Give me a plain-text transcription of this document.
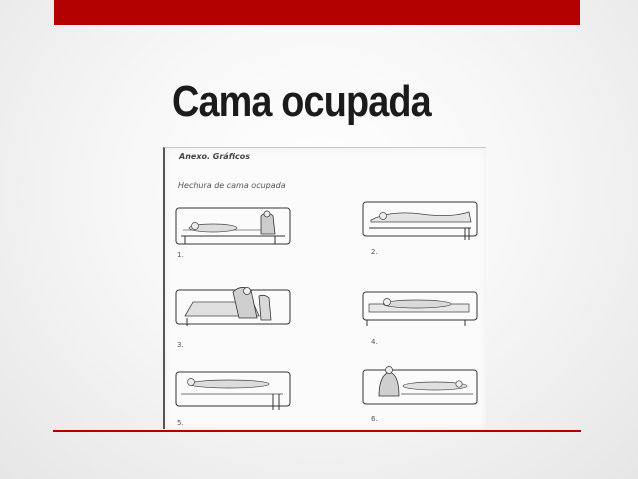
Cama ocupada

Anexo. Gráficos

Hechura de cama ocupada

1.	2.
3.	4.
5.	6.
